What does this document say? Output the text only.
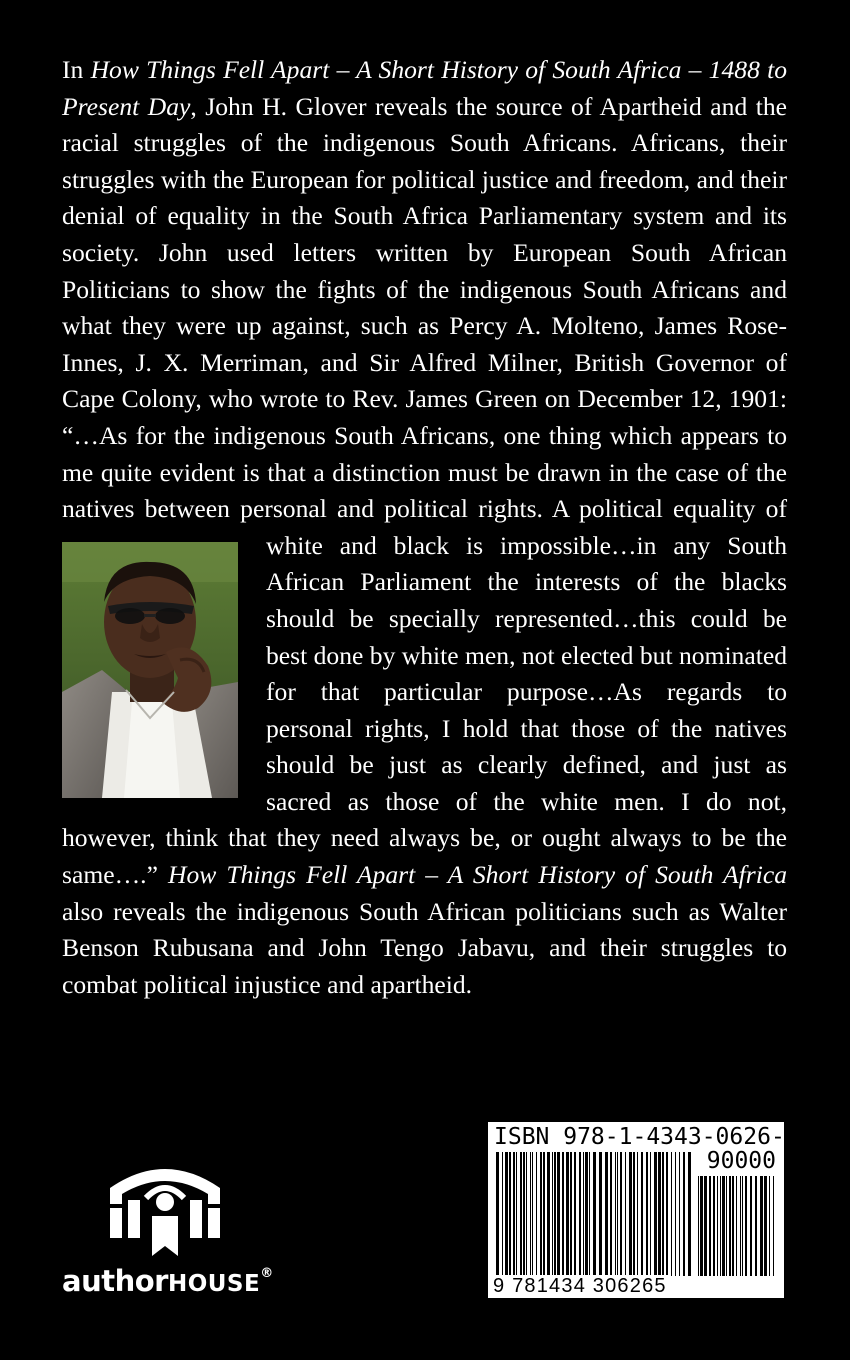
In How Things Fell Apart – A Short History of South Africa – 1488 to Present Day, John H. Glover reveals the source of Apartheid and the racial struggles of the indigenous South Africans. Africans, their struggles with the European for political justice and freedom, and their denial of equality in the South Africa Parliamentary system and its society. John used letters written by European South African Politicians to show the fights of the indigenous South Africans and what they were up against, such as Percy A. Molteno, James Rose-Innes, J. X. Merriman, and Sir Alfred Milner, British Governor of Cape Colony, who wrote to Rev. James Green on December 12, 1901: “…As for the indigenous South Africans, one thing which appears to me quite evident is that a distinction must be drawn in the case of the natives between personal and political rights. A political
equality of white and black is impossible…in any South African Parliament the interests of the blacks should be specially represented…this could be best done by white men, not elected but nominated for that particular purpose…As regards to personal rights, I hold that those of the natives should be just as clearly defined, and just as sacred as those of the white men. I do not, however, think that they need always be, or ought always to be the same….” How Things Fell Apart – A Short History of South Africa also reveals the indigenous South African politicians such as Walter Benson Rubusana and John Tengo Jabavu, and their struggles to combat political injustice and apartheid.

authorHOUSE®
ISBN 978-1-4343-0626-5
90000
9 781434 306265
